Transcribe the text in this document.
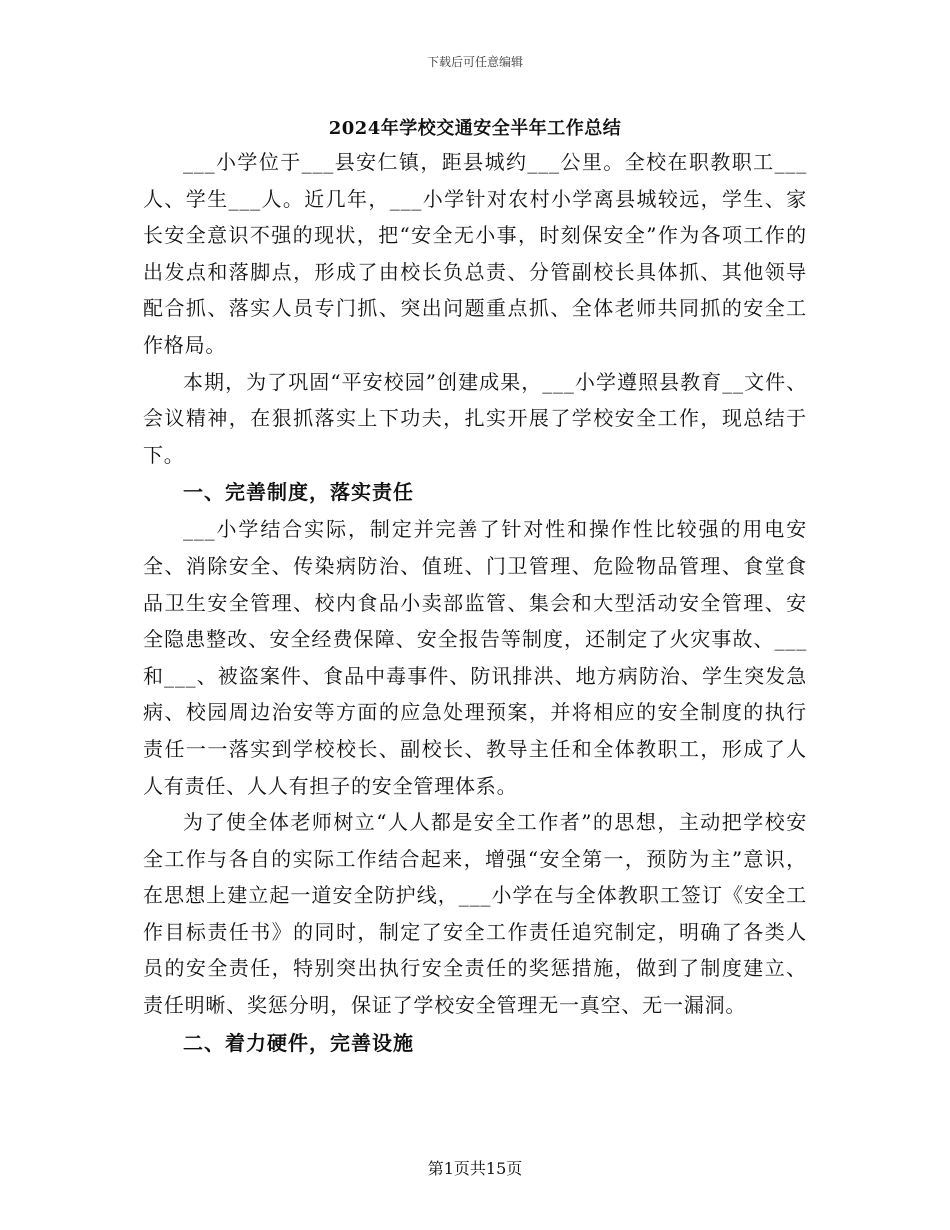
下载后可任意编辑
2024年学校交通安全半年工作总结

___小学位于___县安仁镇，距县城约___公里。全校在职教职工___人、学生___人。近几年，___小学针对农村小学离县城较远，学生、家长安全意识不强的现状，把“安全无小事，时刻保安全”作为各项工作的出发点和落脚点，形成了由校长负总责、分管副校长具体抓、其他领导配合抓、落实人员专门抓、突出问题重点抓、全体老师共同抓的安全工作格局。

本期，为了巩固“平安校园”创建成果，___小学遵照县教育__文件、会议精神，在狠抓落实上下功夫，扎实开展了学校安全工作，现总结于下。

一、完善制度，落实责任

___小学结合实际，制定并完善了针对性和操作性比较强的用电安全、消除安全、传染病防治、值班、门卫管理、危险物品管理、食堂食品卫生安全管理、校内食品小卖部监管、集会和大型活动安全管理、安全隐患整改、安全经费保障、安全报告等制度，还制定了火灾事故、___和___、被盗案件、食品中毒事件、防讯排洪、地方病防治、学生突发急病、校园周边治安等方面的应急处理预案，并将相应的安全制度的执行责任一一落实到学校校长、副校长、教导主任和全体教职工，形成了人人有责任、人人有担子的安全管理体系。

为了使全体老师树立“人人都是安全工作者”的思想，主动把学校安全工作与各自的实际工作结合起来，增强“安全第一，预防为主”意识，在思想上建立起一道安全防护线，___小学在与全体教职工签订《安全工作目标责任书》的同时，制定了安全工作责任追究制定，明确了各类人员的安全责任，特别突出执行安全责任的奖惩措施，做到了制度建立、责任明晰、奖惩分明，保证了学校安全管理无一真空、无一漏洞。

二、着力硬件，完善设施

第1页共15页
